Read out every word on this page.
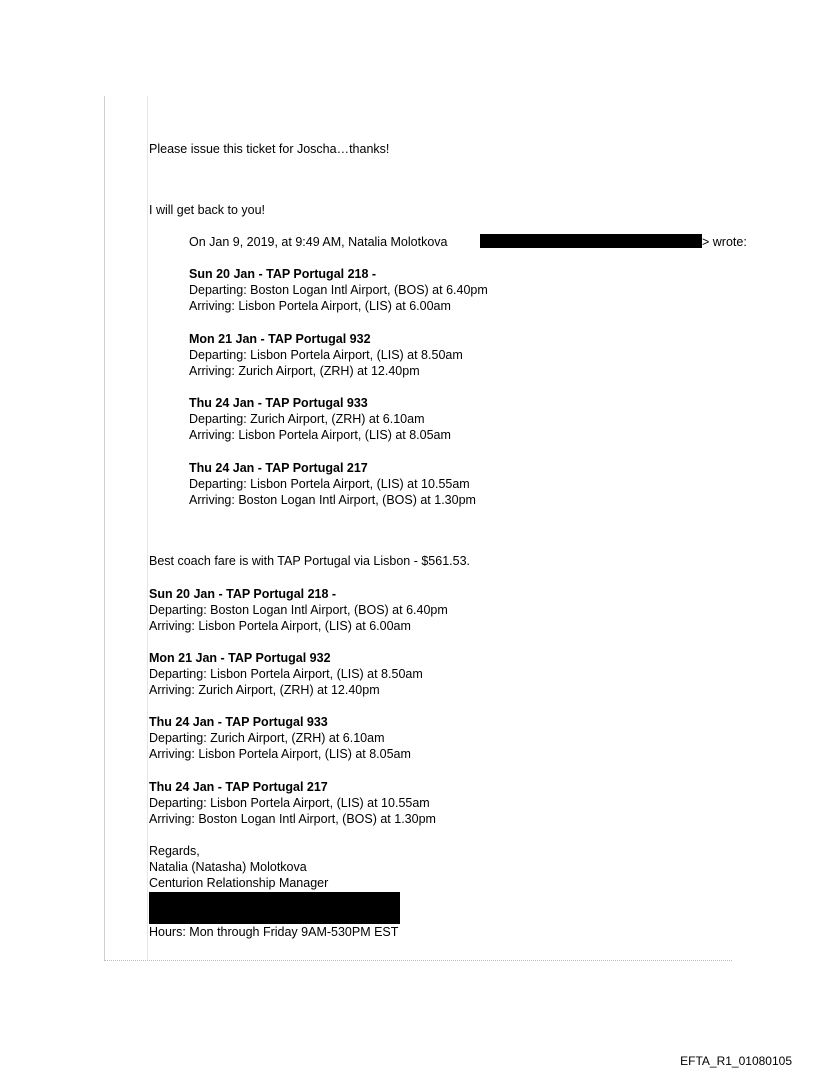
Please issue this ticket for Joscha…thanks!
I will get back to you!
On Jan 9, 2019, at 9:49 AM, Natalia Molotkova	> wrote:
Sun 20 Jan - TAP Portugal 218 -
Departing: Boston Logan Intl Airport, (BOS) at 6.40pm
Arriving: Lisbon Portela Airport, (LIS) at 6.00am
Mon 21 Jan - TAP Portugal 932
Departing: Lisbon Portela Airport, (LIS) at 8.50am
Arriving: Zurich Airport, (ZRH) at 12.40pm
Thu 24 Jan - TAP Portugal 933
Departing: Zurich Airport, (ZRH) at 6.10am
Arriving: Lisbon Portela Airport, (LIS) at 8.05am
Thu 24 Jan - TAP Portugal 217
Departing: Lisbon Portela Airport, (LIS) at 10.55am
Arriving: Boston Logan Intl Airport, (BOS) at 1.30pm
Best coach fare is with TAP Portugal via Lisbon - $561.53.
Sun 20 Jan - TAP Portugal 218 -
Departing: Boston Logan Intl Airport, (BOS) at 6.40pm
Arriving: Lisbon Portela Airport, (LIS) at 6.00am
Mon 21 Jan - TAP Portugal 932
Departing: Lisbon Portela Airport, (LIS) at 8.50am
Arriving: Zurich Airport, (ZRH) at 12.40pm
Thu 24 Jan - TAP Portugal 933
Departing: Zurich Airport, (ZRH) at 6.10am
Arriving: Lisbon Portela Airport, (LIS) at 8.05am
Thu 24 Jan - TAP Portugal 217
Departing: Lisbon Portela Airport, (LIS) at 10.55am
Arriving: Boston Logan Intl Airport, (BOS) at 1.30pm
Regards,
Natalia (Natasha) Molotkova
Centurion Relationship Manager
Hours: Mon through Friday 9AM-530PM EST
EFTA_R1_01080105
